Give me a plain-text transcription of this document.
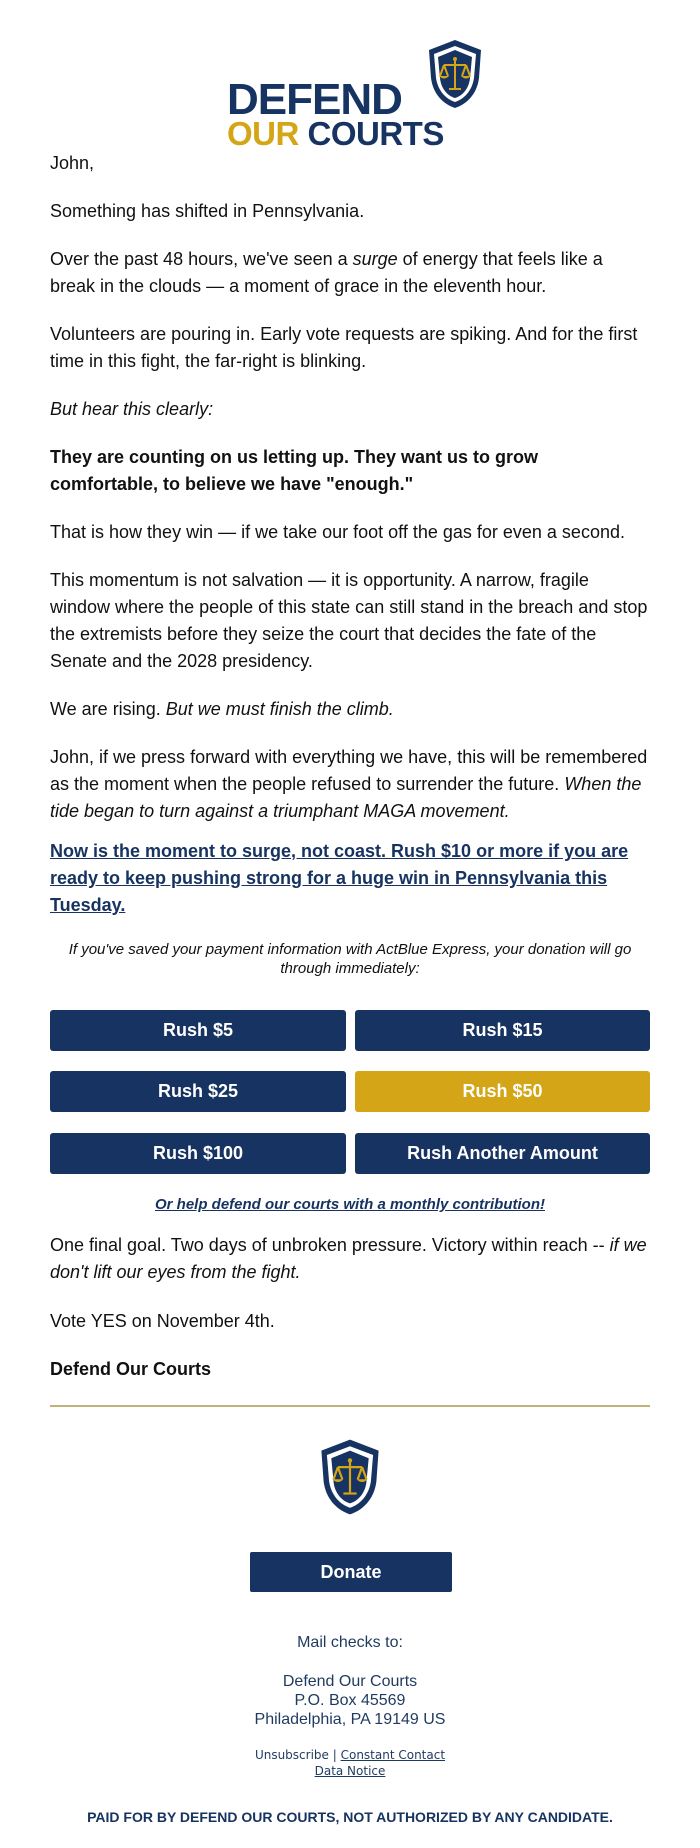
DEFEND
OUR COURTS
John,
Something has shifted in Pennsylvania.
Over the past 48 hours, we've seen a surge of energy that feels like a break in the clouds — a moment of grace in the eleventh hour.
Volunteers are pouring in. Early vote requests are spiking. And for the first time in this fight, the far-right is blinking.
But hear this clearly:
They are counting on us letting up. They want us to grow comfortable, to believe we have "enough."
That is how they win — if we take our foot off the gas for even a second.
This momentum is not salvation — it is opportunity. A narrow, fragile window where the people of this state can still stand in the breach and stop the extremists before they seize the court that decides the fate of the Senate and the 2028 presidency.
We are rising. But we must finish the climb.
John, if we press forward with everything we have, this will be remembered as the moment when the people refused to surrender the future. When the tide began to turn against a triumphant MAGA movement.
Now is the moment to surge, not coast. Rush $10 or more if you are ready to keep pushing strong for a huge win in Pennsylvania this Tuesday.
If you've saved your payment information with ActBlue Express, your donation will go through immediately:
Rush $5	Rush $15
Rush $25	Rush $50
Rush $100	Rush Another Amount
Or help defend our courts with a monthly contribution!
One final goal. Two days of unbroken pressure. Victory within reach -- if we don't lift our eyes from the fight.
Vote YES on November 4th.
Defend Our Courts
Donate
Mail checks to:
Defend Our Courts
P.O. Box 45569
Philadelphia, PA 19149 US
Unsubscribe | Constant Contact
Data Notice
PAID FOR BY DEFEND OUR COURTS, NOT AUTHORIZED BY ANY CANDIDATE.
